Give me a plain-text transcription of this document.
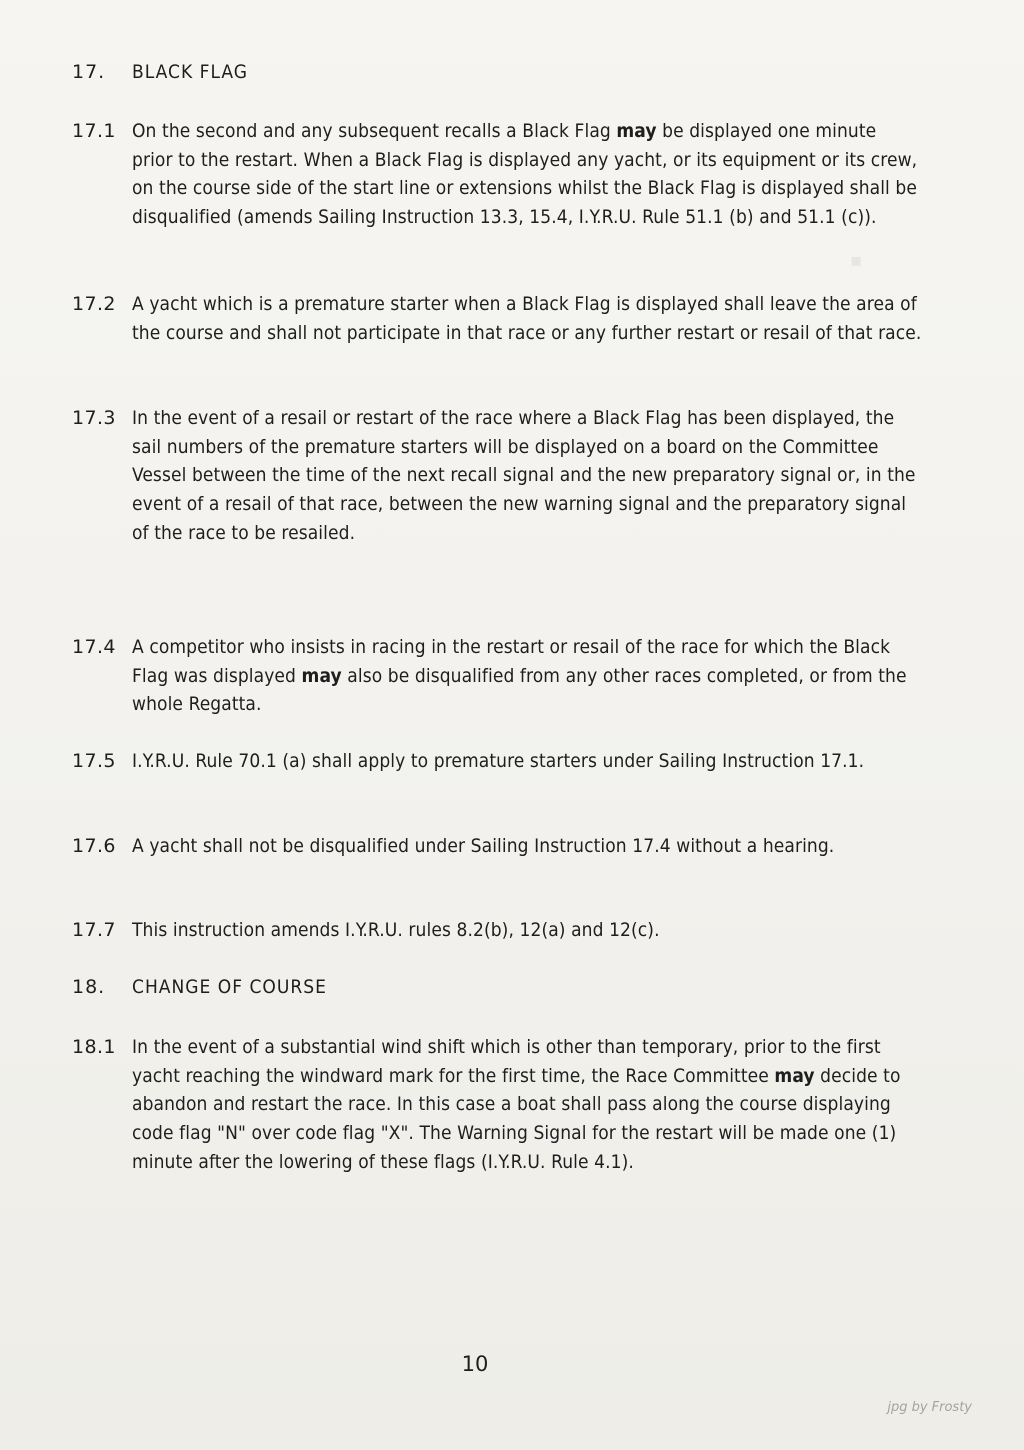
▪
17.	BLACK FLAG
17.1 On the second and any subsequent recalls a Black Flag may be displayed one minute prior to the restart. When a Black Flag is displayed any yacht, or its equipment or its crew, on the course side of the start line or extensions whilst the Black Flag is displayed shall be disqualified (amends Sailing Instruction 13.3, 15.4, I.Y.R.U. Rule 51.1 (b) and 51.1 (c)).
17.2 A yacht which is a premature starter when a Black Flag is displayed shall leave the area of the course and shall not participate in that race or any further restart or resail of that race.
17.3 In the event of a resail or restart of the race where a Black Flag has been displayed, the sail numbers of the premature starters will be displayed on a board on the Committee Vessel between the time of the next recall signal and the new preparatory signal or, in the event of a resail of that race, between the new warning signal and the preparatory signal of the race to be resailed.
17.4 A competitor who insists in racing in the restart or resail of the race for which the Black Flag was displayed may also be disqualified from any other races completed, or from the whole Regatta.
17.5 I.Y.R.U. Rule 70.1 (a) shall apply to premature starters under Sailing Instruction 17.1.
17.6 A yacht shall not be disqualified under Sailing Instruction 17.4 without a hearing.
17.7 This instruction amends I.Y.R.U. rules 8.2(b), 12(a) and 12(c).
18.	CHANGE OF COURSE
18.1 In the event of a substantial wind shift which is other than temporary, prior to the first yacht reaching the windward mark for the first time, the Race Committee may decide to abandon and restart the race. In this case a boat shall pass along the course displaying code flag "N" over code flag "X". The Warning Signal for the restart will be made one (1) minute after the lowering of these flags (I.Y.R.U. Rule 4.1).
10
jpg by Frosty
